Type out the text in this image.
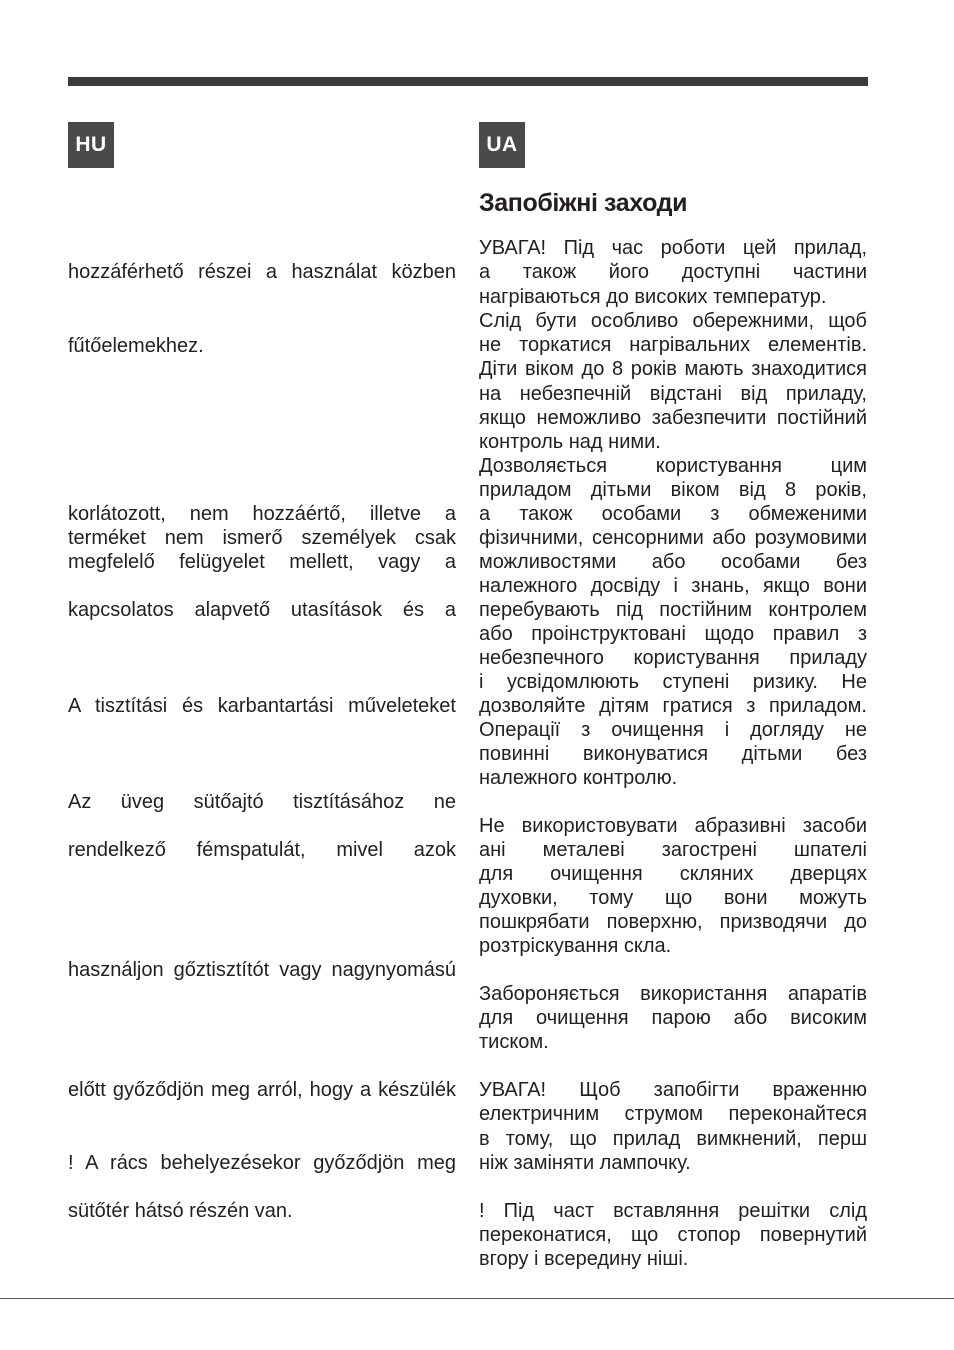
HU	UA
Запобіжні заходи
hozzáférhető részei a használat közben
fűtőelemekhez.
korlátozott, nem hozzáértő, illetve a
terméket nem ismerő személyek csak
megfelelő felügyelet mellett, vagy a
kapcsolatos alapvető utasítások és a
A tisztítási és karbantartási műveleteket
Az üveg sütőajtó tisztításához ne
rendelkező fémspatulát, mivel azok
használjon gőztisztítót vagy nagynyomású
előtt győződjön meg arról, hogy a készülék
! A rács behelyezésekor győződjön meg
sütőtér hátsó részén van.
УВАГА! Під час роботи цей прилад,
а також його доступні частини
нагріваються до високих температур.
Слід бути особливо обережними, щоб
не торкатися нагрівальних елементів.
Діти віком до 8 років мають знаходитися
на небезпечній відстані від приладу,
якщо неможливо забезпечити постійний
контроль над ними.
Дозволяється користування цим
приладом дітьми віком від 8 років,
а також особами з обмеженими
фізичними, сенсорними або розумовими
можливостями або особами без
належного досвіду і знань, якщо вони
перебувають під постійним контролем
або проінструктовані щодо правил з
небезпечного користування приладу
і усвідомлюють ступені ризику. Не
дозволяйте дітям гратися з приладом.
Операції з очищення і догляду не
повинні виконуватися дітьми без
належного контролю.
Не використовувати абразивні засоби
ані металеві загострені шпателі
для очищення скляних дверцях
духовки, тому що вони можуть
пошкрябати поверхню, призводячи до
розтріскування скла.
Забороняється використання апаратів
для очищення парою або високим
тиском.
УВАГА! Щоб запобігти враженню
електричним струмом переконайтеся
в тому, що прилад вимкнений, перш
ніж заміняти лампочку.
! Під част вставляння решітки слід
переконатися, що стопор повернутий
вгору і всередину ніші.
